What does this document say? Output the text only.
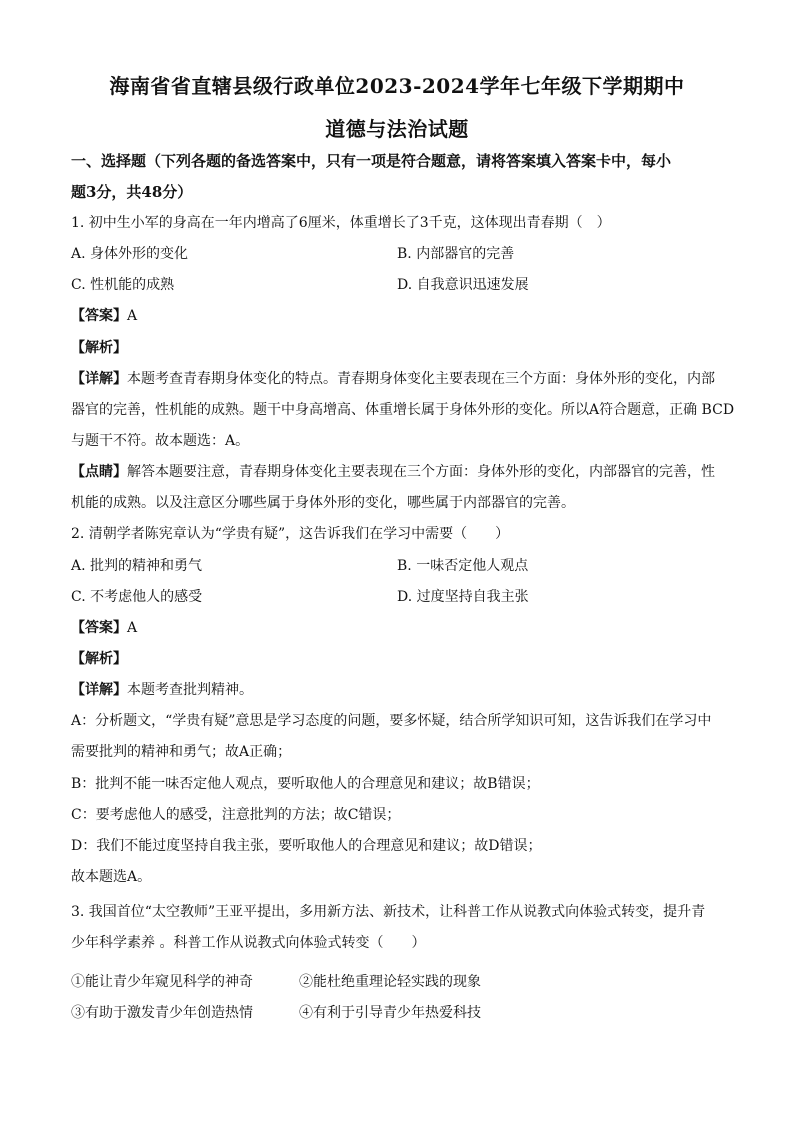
海南省省直辖县级行政单位2023-2024学年七年级下学期期中
道德与法治试题
一、选择题（下列各题的备选答案中，只有一项是符合题意，请将答案填入答案卡中，每小
题3分，共48分）
1. 初中生小军的身高在一年内增高了6厘米，体重增长了3千克，这体现出青春期（　）
A. 身体外形的变化	B. 内部器官的完善
C. 性机能的成熟	D. 自我意识迅速发展
【答案】A
【解析】
【详解】本题考查青春期身体变化的特点。青春期身体变化主要表现在三个方面：身体外形的变化，内部
器官的完善，性机能的成熟。题干中身高增高、体重增长属于身体外形的变化。所以A符合题意，正确 BCD
与题干不符。故本题选：A。
【点睛】解答本题要注意，青春期身体变化主要表现在三个方面：身体外形的变化，内部器官的完善，性
机能的成熟。以及注意区分哪些属于身体外形的变化，哪些属于内部器官的完善。
2. 清朝学者陈宪章认为“学贵有疑”，这告诉我们在学习中需要（　　）
A. 批判的精神和勇气	B. 一味否定他人观点
C. 不考虑他人的感受	D. 过度坚持自我主张
【答案】A
【解析】
【详解】本题考查批判精神。
A：分析题文，“学贵有疑”意思是学习态度的问题，要多怀疑，结合所学知识可知，这告诉我们在学习中
需要批判的精神和勇气；故A正确；
B：批判不能一味否定他人观点，要听取他人的合理意见和建议；故B错误；
C：要考虑他人的感受，注意批判的方法；故C错误；
D：我们不能过度坚持自我主张，要听取他人的合理意见和建议；故D错误；
故本题选A。
3. 我国首位“太空教师”王亚平提出，多用新方法、新技术，让科普工作从说教式向体验式转变，提升青
少年科学素养 。科普工作从说教式向体验式转变（　　）
①能让青少年窥见科学的神奇	②能杜绝重理论轻实践的现象
③有助于激发青少年创造热情	④有利于引导青少年热爱科技
